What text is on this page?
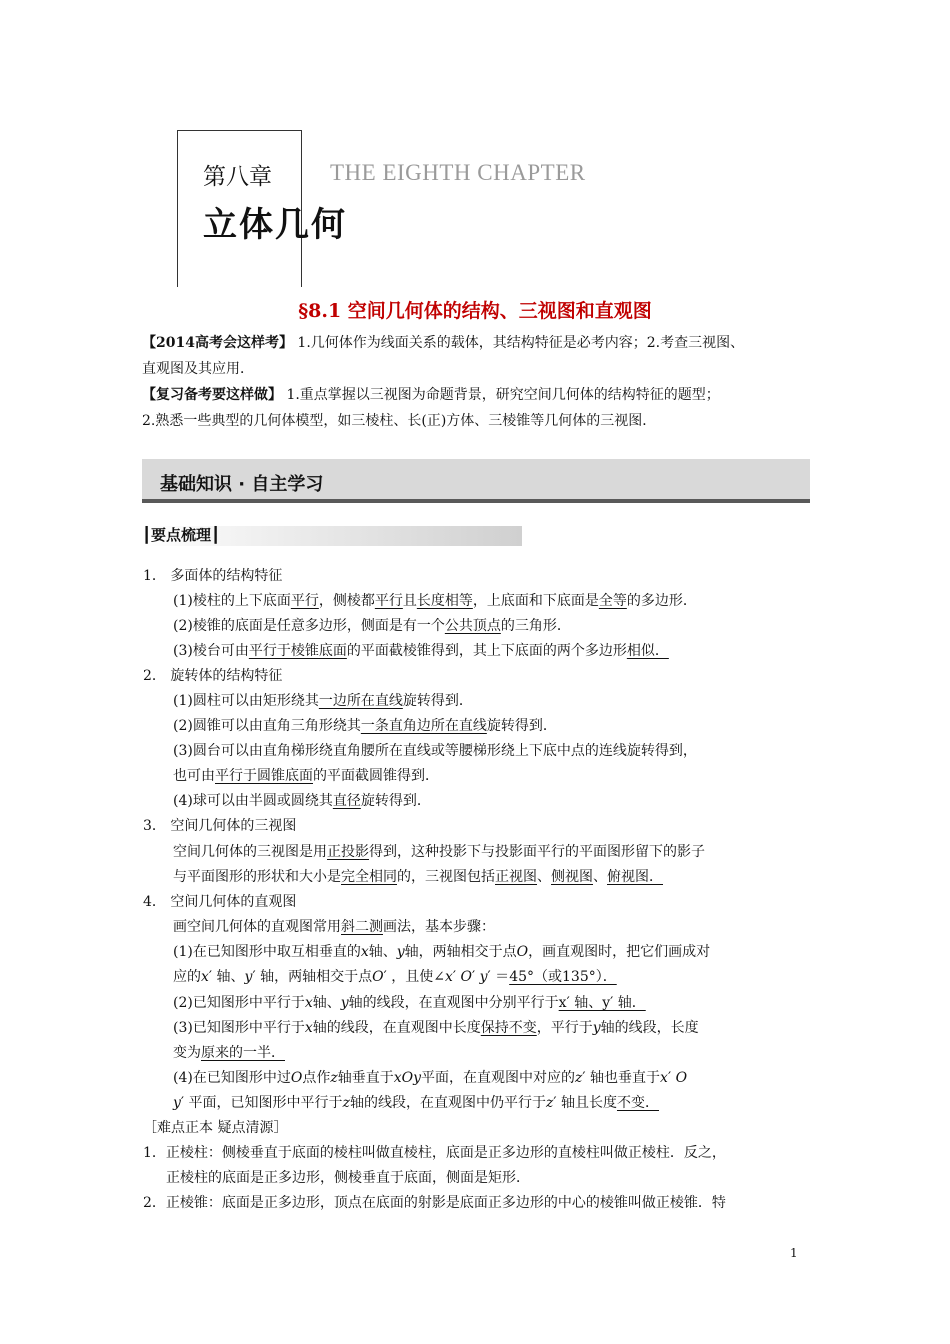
第八章	THE EIGHTH CHAPTER
立体几何
§8.1 空间几何体的结构、三视图和直观图
【2014高考会这样考】 1.几何体作为线面关系的载体，其结构特征是必考内容；2.考查三视图、
直观图及其应用．
【复习备考要这样做】 1.重点掌握以三视图为命题背景，研究空间几何体的结构特征的题型；
2.熟悉一些典型的几何体模型，如三棱柱、长(正)方体、三棱锥等几何体的三视图．
基础知识 · 自主学习
┃要点梳理┃
1． 多面体的结构特征
(1)棱柱的上下底面平行，侧棱都平行且长度相等，上底面和下底面是全等的多边形．
(2)棱锥的底面是任意多边形，侧面是有一个公共顶点的三角形．
(3)棱台可由平行于棱锥底面的平面截棱锥得到，其上下底面的两个多边形相似．
2． 旋转体的结构特征
(1)圆柱可以由矩形绕其一边所在直线旋转得到．
(2)圆锥可以由直角三角形绕其一条直角边所在直线旋转得到．
(3)圆台可以由直角梯形绕直角腰所在直线或等腰梯形绕上下底中点的连线旋转得到，
也可由平行于圆锥底面的平面截圆锥得到．
(4)球可以由半圆或圆绕其直径旋转得到．
3． 空间几何体的三视图
空间几何体的三视图是用正投影得到，这种投影下与投影面平行的平面图形留下的影子
与平面图形的形状和大小是完全相同的，三视图包括正视图、侧视图、俯视图．
4． 空间几何体的直观图
画空间几何体的直观图常用斜二测画法，基本步骤：
(1)在已知图形中取互相垂直的x轴、y轴，两轴相交于点O，画直观图时，把它们画成对
应的x′ 轴、y′ 轴，两轴相交于点O′ ，且使∠x′ O′ y′ ＝45°（或135°）．
(2)已知图形中平行于x轴、y轴的线段，在直观图中分别平行于x′ 轴、y′ 轴．
(3)已知图形中平行于x轴的线段，在直观图中长度保持不变，平行于y轴的线段，长度
变为原来的一半．
(4)在已知图形中过O点作z轴垂直于xOy平面，在直观图中对应的z′ 轴也垂直于x′ O
y′ 平面，已知图形中平行于z轴的线段，在直观图中仍平行于z′ 轴且长度不变．
［难点正本 疑点清源］
1．正棱柱：侧棱垂直于底面的棱柱叫做直棱柱，底面是正多边形的直棱柱叫做正棱柱．反之，
正棱柱的底面是正多边形，侧棱垂直于底面，侧面是矩形．
2．正棱锥：底面是正多边形，顶点在底面的射影是底面正多边形的中心的棱锥叫做正棱锥．特
1
